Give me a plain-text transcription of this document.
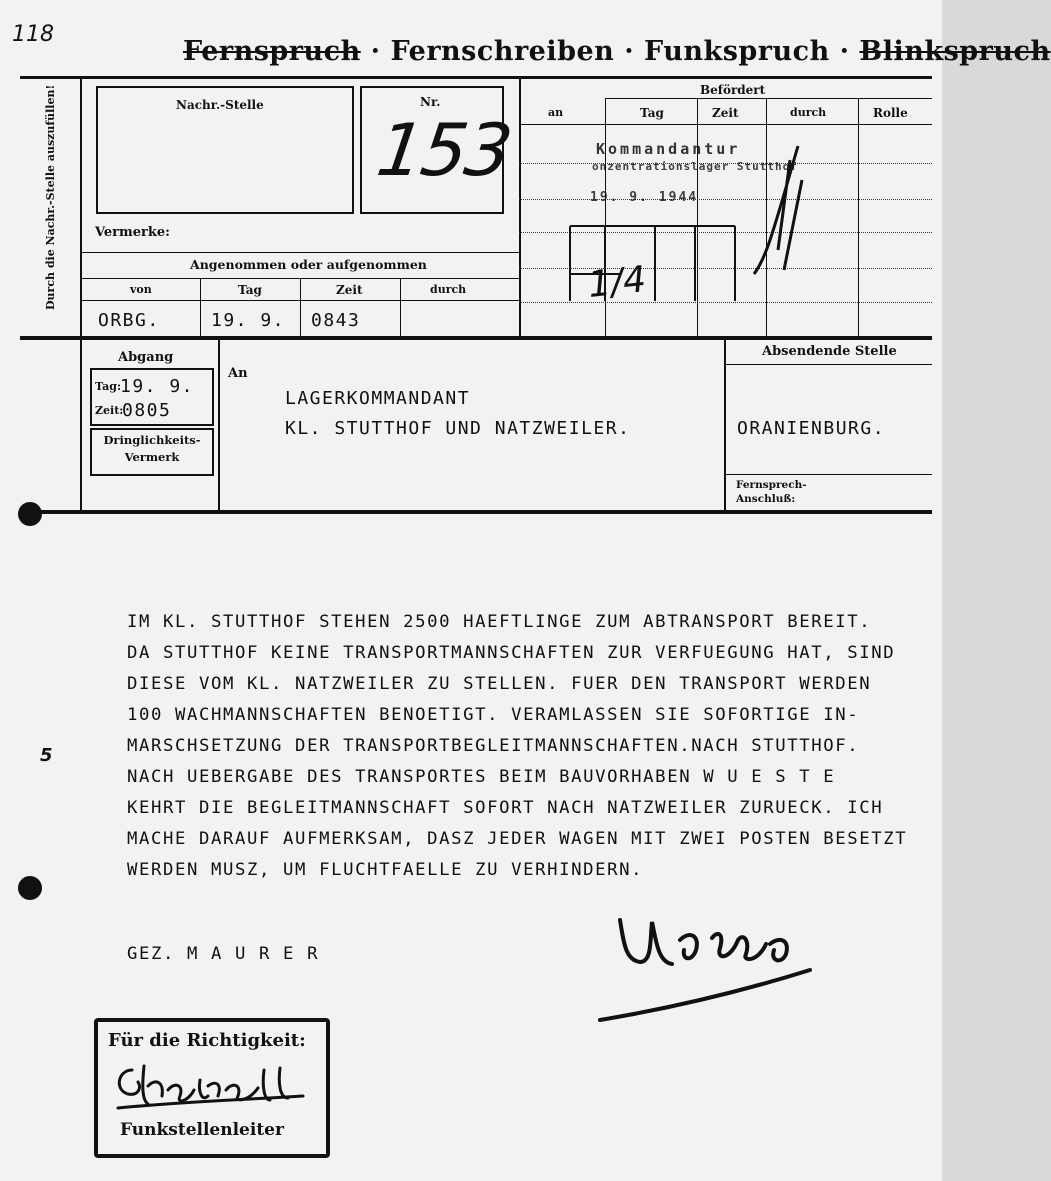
118
Fernspruch · Fernschreiben · Funkspruch · Blinkspruch
Durch die Nachr.-Stelle auszufüllen!	Nachr.-Stelle	Nr.
153
Befördert
an	Tag	Zeit	durch	Rolle
Kommandantur
onzentrationslager Stutthof
19. 9. 1944
1/4
Vermerke:
Angenommen oder aufgenommen
von	Tag	Zeit	durch
ORBG.	19. 9. 0843
Abgang
Tag:
19. 9.
Zeit:
0805
Dringlichkeits-Vermerk
An
LAGERKOMMANDANT
KL. STUTTHOF UND NATZWEILER.
Absendende Stelle
ORANIENBURG.
Fernsprech-Anschluß:
IM KL. STUTTHOF STEHEN 2500 HAEFTLINGE ZUM ABTRANSPORT BEREIT.
DA STUTTHOF KEINE TRANSPORTMANNSCHAFTEN ZUR VERFUEGUNG HAT, SIND
DIESE VOM KL. NATZWEILER ZU STELLEN. FUER DEN TRANSPORT WERDEN
100 WACHMANNSCHAFTEN BENOETIGT. VERAMLASSEN SIE SOFORTIGE IN-
MARSCHSETZUNG DER TRANSPORTBEGLEITMANNSCHAFTEN.NACH STUTTHOF.
NACH UEBERGABE DES TRANSPORTES BEIM BAUVORHABEN W U E S T E
KEHRT DIE BEGLEITMANNSCHAFT SOFORT NACH NATZWEILER ZURUECK. ICH
MACHE DARAUF AUFMERKSAM, DASZ JEDER WAGEN MIT ZWEI POSTEN BESETZT
WERDEN MUSZ, UM FLUCHTFAELLE ZU VERHINDERN.
5
GEZ. M A U R E R
Für die Richtigkeit:
Funkstellenleiter
